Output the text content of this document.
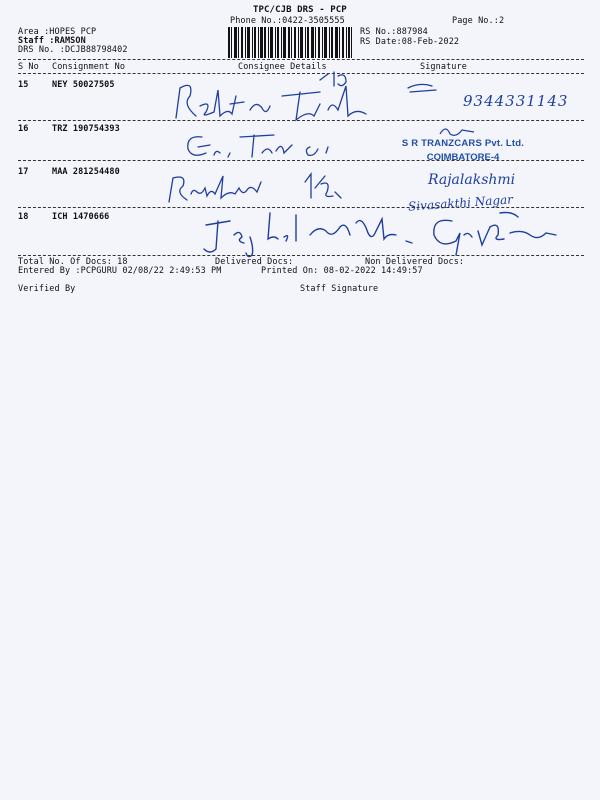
TPC/CJB DRS - PCP
Phone No.:0422-3505555	Page No.:2
Area :HOPES PCP
Staff :RAMSON
DRS No. :DCJB88798402
RS No.:887984
RS Date:08-Feb-2022
S No Consignment No	Consignee Details	Signature
15	NEY 50027505
9344331143
16	TRZ 190754393
S R TRANZCARS Pvt. Ltd.
COIMBATORE-4
17	MAA 281254480	Rajalakshmi
Sivasakthi Nagar
18	ICH 1470666
Total No. Of Docs: 18	Delivered Docs:	Non Delivered Docs:
Entered By :PCPGURU 02/08/22 2:49:53 PM	Printed On: 08-02-2022 14:49:57
Verified By	Staff Signature
